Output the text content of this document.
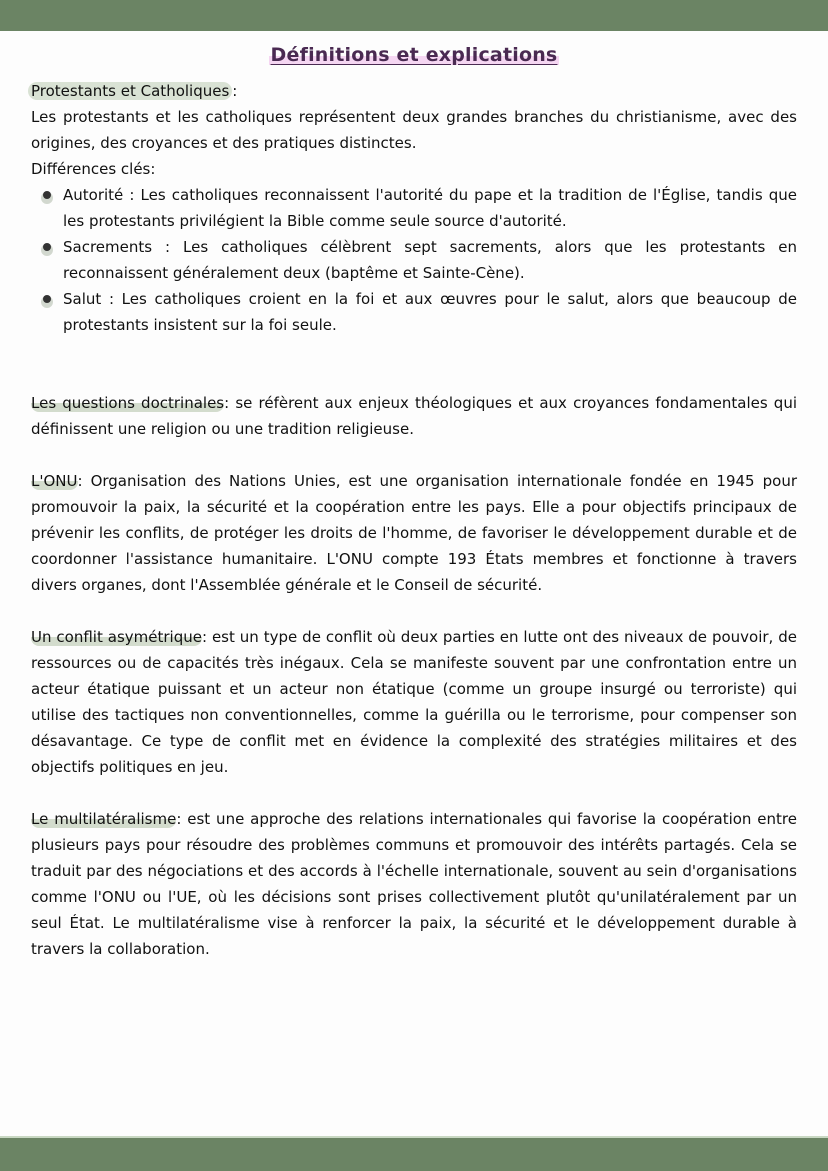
Définitions et explications

Protestants et Catholiques :

Les protestants et les catholiques représentent deux grandes branches du christianisme, avec des origines, des croyances et des pratiques distinctes.

Différences clés:

Autorité : Les catholiques reconnaissent l'autorité du pape et la tradition de l'Église, tandis que les protestants privilégient la Bible comme seule source d'autorité.
Sacrements : Les catholiques célèbrent sept sacrements, alors que les protestants en reconnaissent généralement deux (baptême et Sainte-Cène).
Salut : Les catholiques croient en la foi et aux œuvres pour le salut, alors que beaucoup de protestants insistent sur la foi seule.

Les questions doctrinales: se réfèrent aux enjeux théologiques et aux croyances fondamentales qui définissent une religion ou une tradition religieuse.

L'ONU: Organisation des Nations Unies, est une organisation internationale fondée en 1945 pour promouvoir la paix, la sécurité et la coopération entre les pays. Elle a pour objectifs principaux de prévenir les conflits, de protéger les droits de l'homme, de favoriser le développement durable et de coordonner l'assistance humanitaire. L'ONU compte 193 États membres et fonctionne à travers divers organes, dont l'Assemblée générale et le Conseil de sécurité.

Un conflit asymétrique: est un type de conflit où deux parties en lutte ont des niveaux de pouvoir, de ressources ou de capacités très inégaux. Cela se manifeste souvent par une confrontation entre un acteur étatique puissant et un acteur non étatique (comme un groupe insurgé ou terroriste) qui utilise des tactiques non conventionnelles, comme la guérilla ou le terrorisme, pour compenser son désavantage. Ce type de conflit met en évidence la complexité des stratégies militaires et des objectifs politiques en jeu.

Le multilatéralisme: est une approche des relations internationales qui favorise la coopération entre plusieurs pays pour résoudre des problèmes communs et promouvoir des intérêts partagés. Cela se traduit par des négociations et des accords à l'échelle internationale, souvent au sein d'organisations comme l'ONU ou l'UE, où les décisions sont prises collectivement plutôt qu'unilatéralement par un seul État. Le multilatéralisme vise à renforcer la paix, la sécurité et le développement durable à travers la collaboration.
